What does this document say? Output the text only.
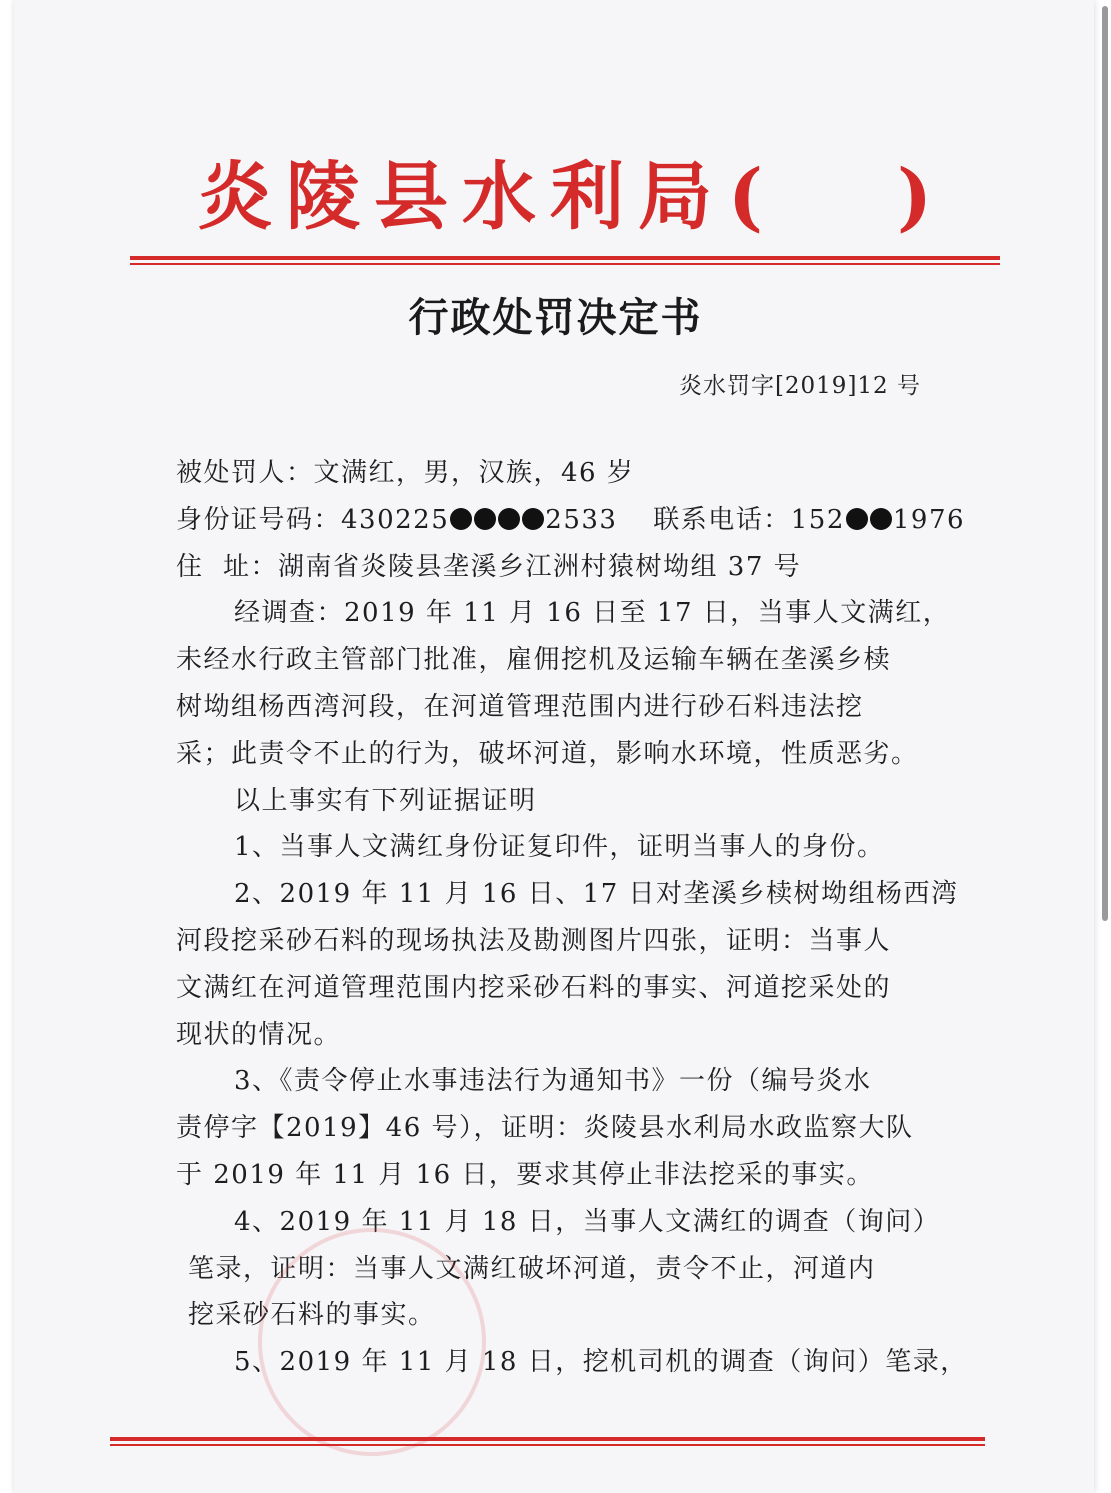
炎陵县水利局( )
行政处罚决定书
炎水罚字[2019]12 号
被处罚人：文满红，男，汉族，46 岁
身份证号码：430225	2533 联系电话：152 1976
住  址：湖南省炎陵县垄溪乡江洲村猿树坳组 37 号
经调查：2019 年 11 月 16 日至 17 日，当事人文满红，
未经水行政主管部门批准，雇佣挖机及运输车辆在垄溪乡椟
树坳组杨西湾河段，在河道管理范围内进行砂石料违法挖
采；此责令不止的行为，破坏河道，影响水环境，性质恶劣。
以上事实有下列证据证明
1、当事人文满红身份证复印件，证明当事人的身份。
2、2019 年 11 月 16 日、17 日对垄溪乡椟树坳组杨西湾
河段挖采砂石料的现场执法及勘测图片四张，证明：当事人
文满红在河道管理范围内挖采砂石料的事实、河道挖采处的
现状的情况。
3、《责令停止水事违法行为通知书》一份（编号炎水
责停字【2019】46 号），证明：炎陵县水利局水政监察大队
于 2019 年 11 月 16 日，要求其停止非法挖采的事实。
4、2019 年 11 月 18 日，当事人文满红的调查（询问）
笔录，证明：当事人文满红破坏河道，责令不止，河道内
挖采砂石料的事实。
5、2019 年 11 月 18 日，挖机司机的调查（询问）笔录，
